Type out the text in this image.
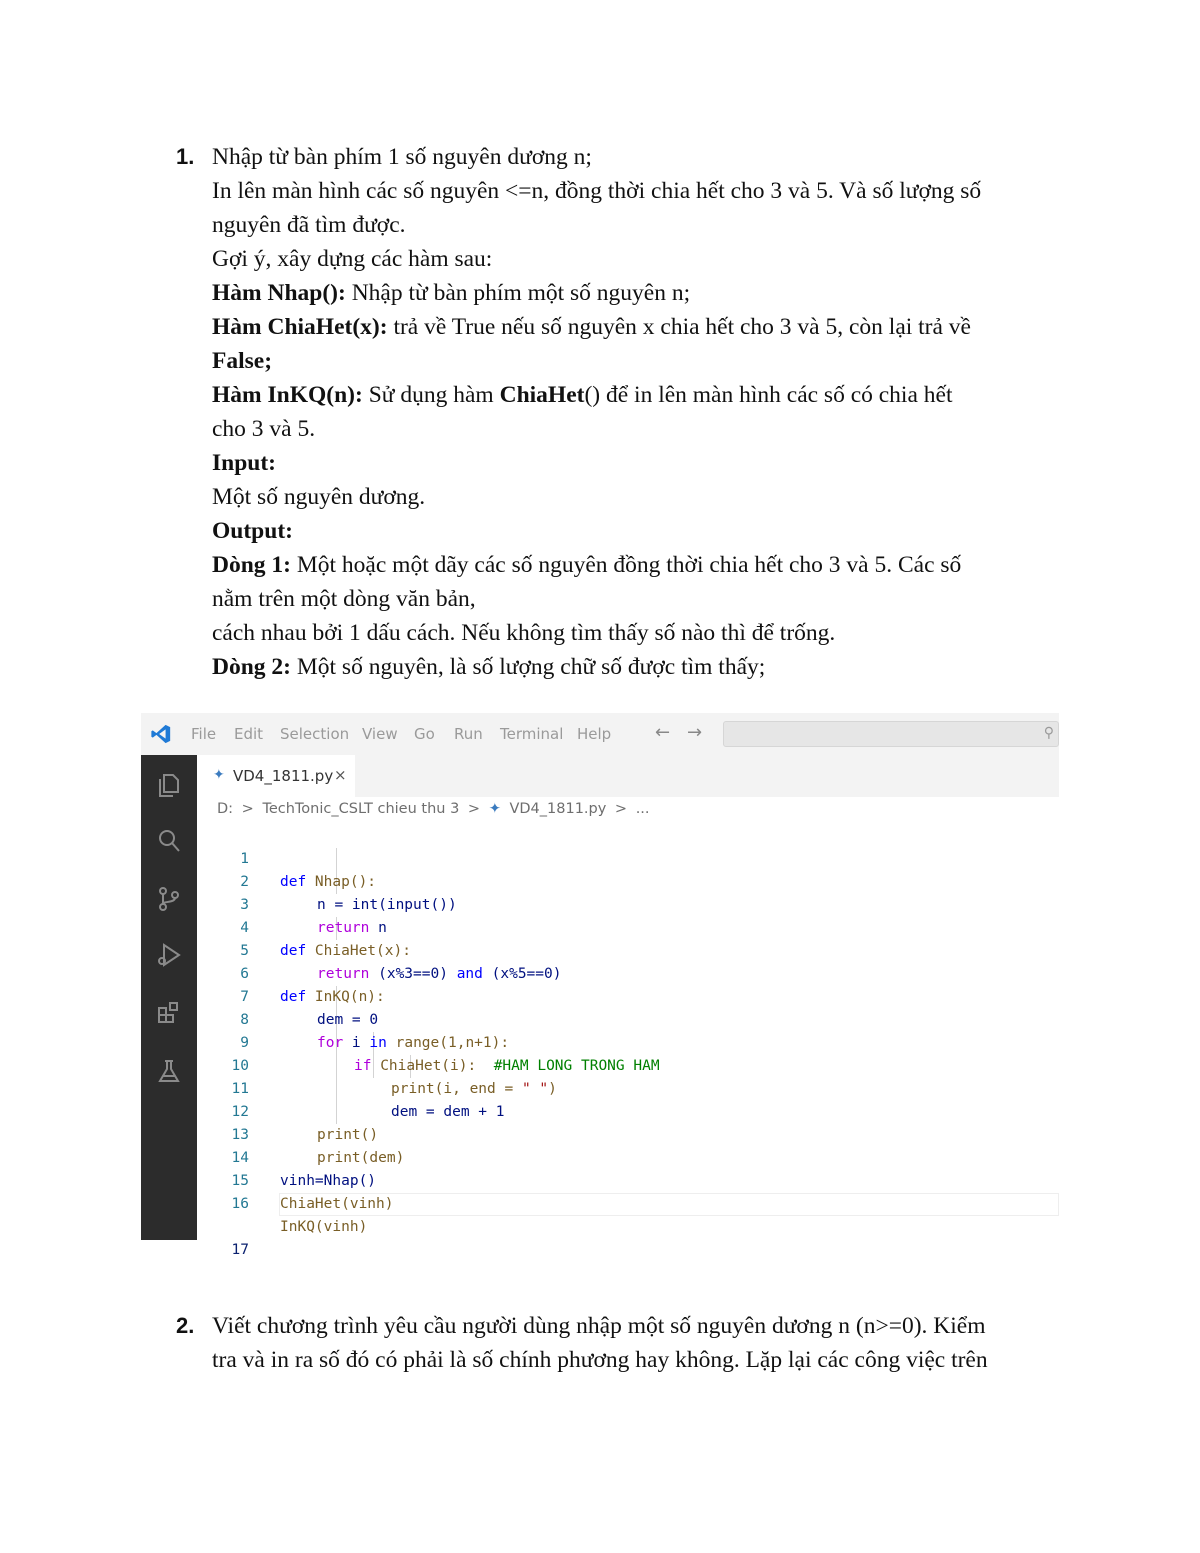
1. Nhập từ bàn phím 1 số nguyên dương n;
In lên màn hình các số nguyên <=n, đồng thời chia hết cho 3 và 5. Và số lượng số
nguyên đã tìm được.
Gợi ý, xây dựng các hàm sau:
Hàm Nhap(): Nhập từ bàn phím một số nguyên n;
Hàm ChiaHet(x): trả về True nếu số nguyên x chia hết cho 3 và 5, còn lại trả về
False;
Hàm InKQ(n): Sử dụng hàm ChiaHet() để in lên màn hình các số có chia hết
cho 3 và 5.
Input:
Một số nguyên dương.
Output:
Dòng 1: Một hoặc một dãy các số nguyên đồng thời chia hết cho 3 và 5. Các số
nằm trên một dòng văn bản,
cách nhau bởi 1 dấu cách. Nếu không tìm thấy số nào thì để trống.
Dòng 2: Một số nguyên, là số lượng chữ số được tìm thấy;
File Edit Selection View Go Run Terminal Help ← →	⚲
✦ VD4_1811.py ×
D: > TechTonic_CSLT chieu thu 3 > ✦ VD4_1811.py > ...

1

def Nhap():

2

n = int(input())

3

return n

4

def ChiaHet(x):

5

return (x%3==0) and (x%5==0)

6

def InKQ(n):

7

dem = 0

8

for i in range(1,n+1):

9

if ChiaHet(i):  #HAM LONG TRONG HAM

10

print(i, end = " ")

11

dem = dem + 1

12

print()

13

print(dem)

14

vinh=Nhap()

15

ChiaHet(vinh)

16

InKQ(vinh)

17

2. Viết chương trình yêu cầu người dùng nhập một số nguyên dương n (n>=0). Kiểm
tra và in ra số đó có phải là số chính phương hay không. Lặp lại các công việc trên
